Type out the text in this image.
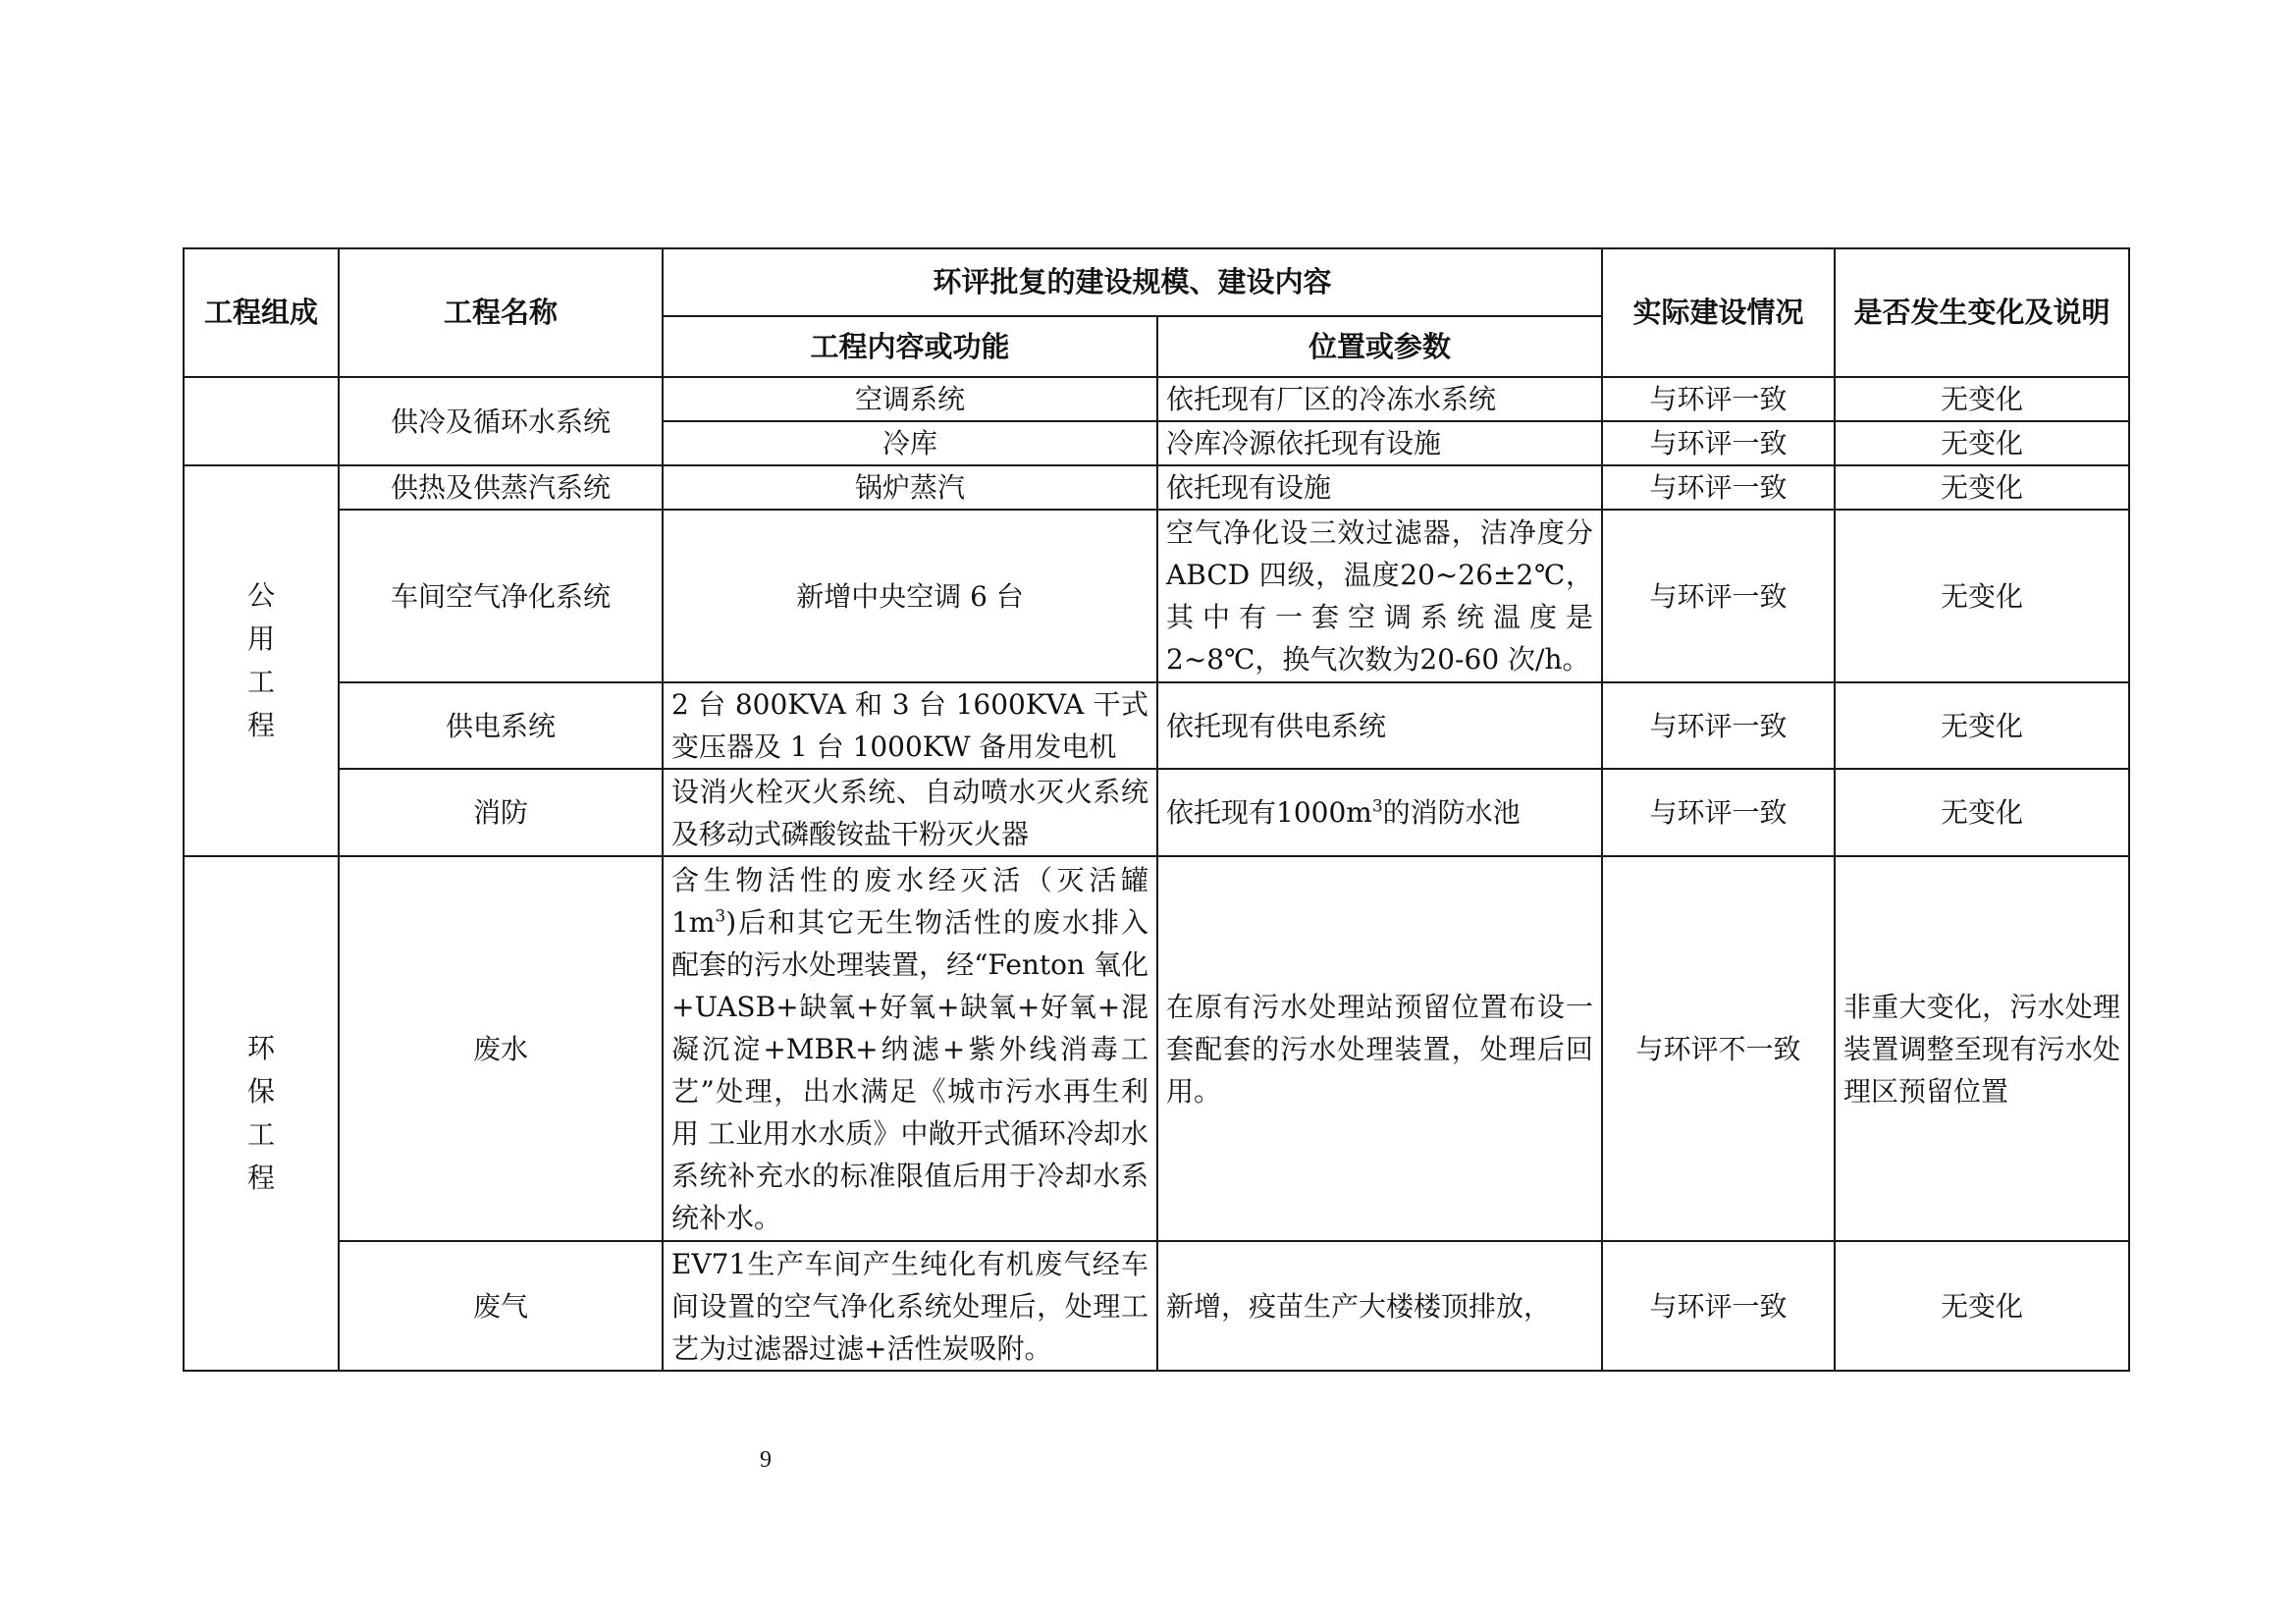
工程组成	工程名称	环评批复的建设规模、建设内容		实际建设情况	是否发生变化及说明
		工程内容或功能	位置或参数		
	供冷及循环水系统	空调系统	依托现有厂区的冷冻水系统	与环评一致	无变化
		冷库	冷库冷源依托现有设施	与环评一致	无变化

公
用
工
程	供热及供蒸汽系统	锅炉蒸汽	依托现有设施	与环评一致	无变化
	车间空气净化系统	新增中央空调 6 台	空气净化设三效过滤器，洁净度分ABCD 四级，温度20~26±2℃，其中有一套空调系统温度是2~8℃，换气次数为20-60 次/h。	与环评一致	无变化
	供电系统	2 台 800KVA 和 3 台 1600KVA 干式变压器及 1 台 1000KW 备用发电机	依托现有供电系统	与环评一致	无变化
	消防	设消火栓灭火系统、自动喷水灭火系统及移动式磷酸铵盐干粉灭火器	依托现有$1000m^3$的消防水池	与环评一致	无变化

环
保
工
程	废水	含生物活性的废水经灭活（灭活罐$1m^3$)后和其它无生物活性的废水排入配套的污水处理装置，经“Fenton 氧化+UASB+缺氧+好氧+缺氧+好氧+混凝沉淀+MBR+纳滤+紫外线消毒工艺”处理，出水满足《城市污水再生利用 工业用水水质》中敞开式循环冷却水系统补充水的标准限值后用于冷却水系统补水。	在原有污水处理站预留位置布设一套配套的污水处理装置，处理后回用。	与环评不一致	非重大变化，污水处理装置调整至现有污水处理区预留位置
	废气	EV71生产车间产生纯化有机废气经车间设置的空气净化系统处理后，处理工艺为过滤器过滤+活性炭吸附。	新增，疫苗生产大楼楼顶排放，	与环评一致	无变化
9
